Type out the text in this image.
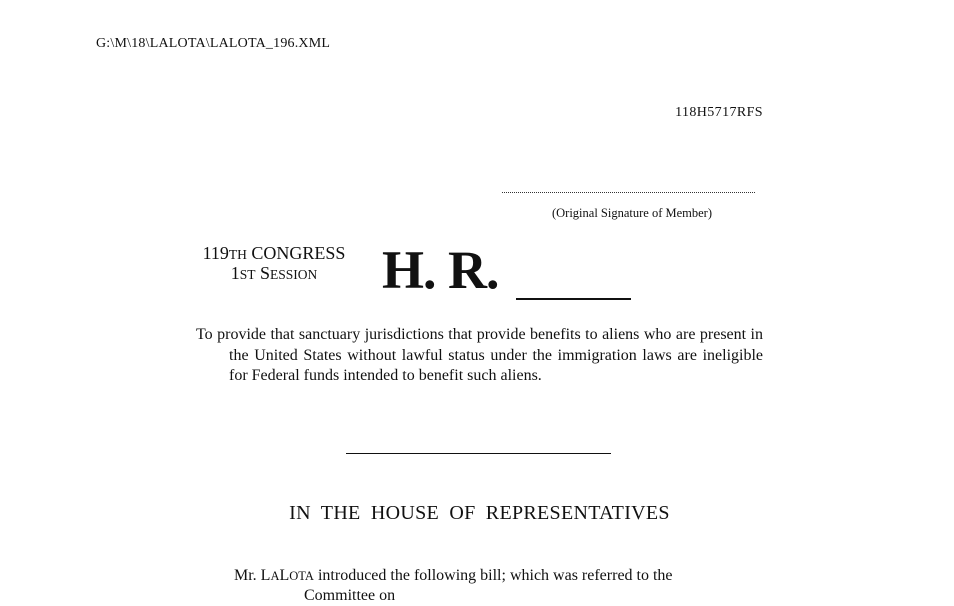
G:\M\18\LALOTA\LALOTA_196.XML
118H5717RFS
(Original Signature of Member)
119TH CONGRESS
1ST SESSION	H. R.
To provide that sanctuary jurisdictions that provide benefits to aliens who are present in the United States without lawful status under the immigration laws are ineligible for Federal funds intended to benefit such aliens.
IN THE HOUSE OF REPRESENTATIVES
Mr. LALOTA introduced the following bill; which was referred to the
Committee on
